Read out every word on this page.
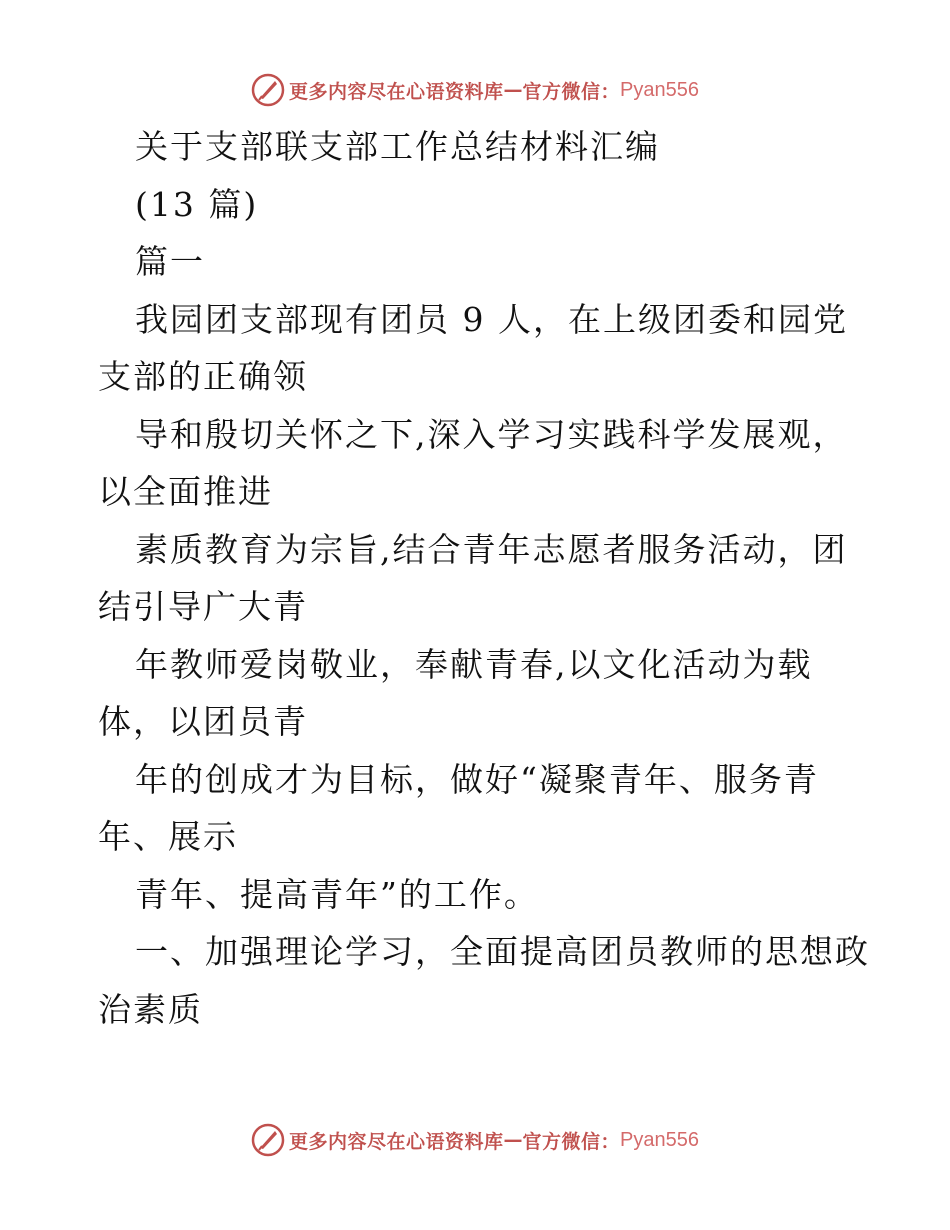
更多内容尽在心语资料库 — 官方微信： Pyan556
关于支部联支部工作总结材料汇编
(13 篇)
篇一
我园团支部现有团员 9 人，在上级团委和园党
支部的正确领
导和殷切关怀之下,深入学习实践科学发展观，
以全面推进
素质教育为宗旨,结合青年志愿者服务活动，团
结引导广大青
年教师爱岗敬业，奉献青春,以文化活动为载
体，以团员青
年的创成才为目标，做好“凝聚青年、服务青
年、展示
青年、提高青年”的工作。
一、加强理论学习，全面提高团员教师的思想政
治素质
更多内容尽在心语资料库 — 官方微信： Pyan556
